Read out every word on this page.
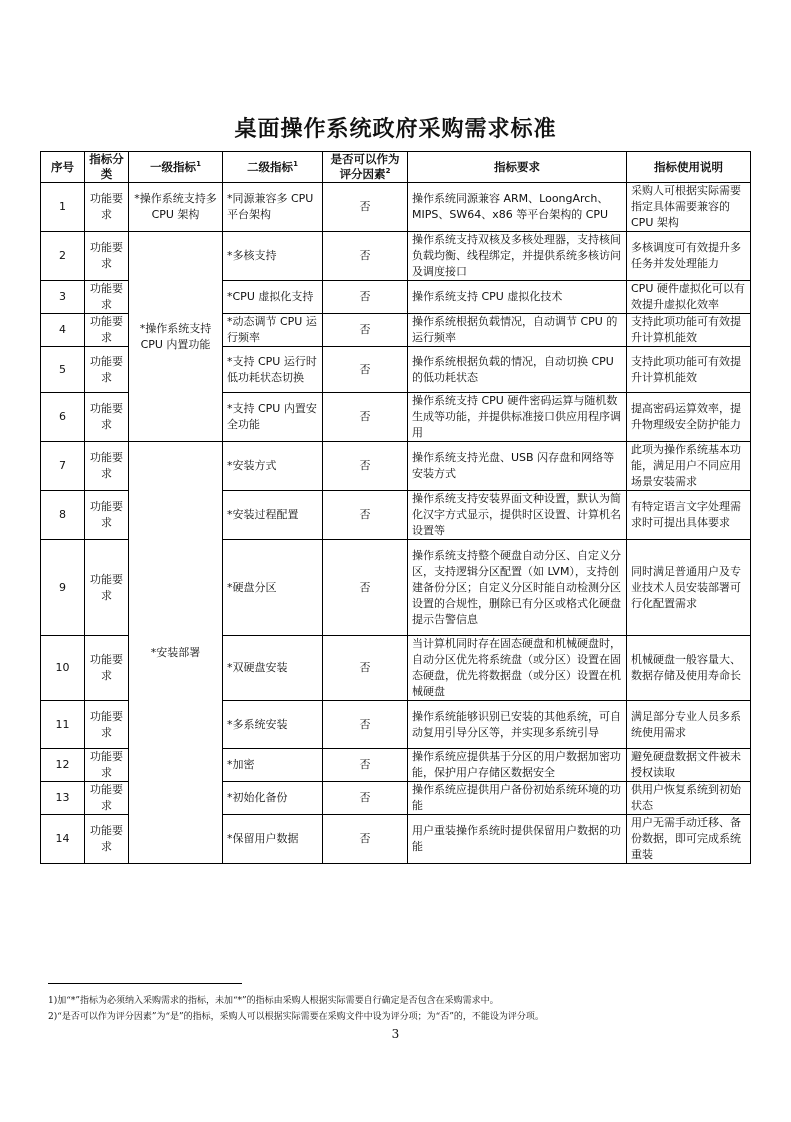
桌面操作系统政府采购需求标准
序号	指标分类	一级指标$^1$	二级指标$^1$	是否可以作为评分因素$^2$	指标要求	指标使用说明
1	功能要求	*操作系统支持多 CPU 架构	*同源兼容多 CPU 平台架构	否	操作系统同源兼容 ARM、LoongArch、MIPS、SW64、x86 等平台架构的 CPU	采购人可根据实际需要指定具体需要兼容的 CPU 架构
2	功能要求	*操作系统支持 CPU 内置功能	*多核支持	否	操作系统支持双核及多核处理器，支持核间负载均衡、线程绑定，并提供系统多核访问及调度接口	多核调度可有效提升多任务并发处理能力
3	功能要求		*CPU 虚拟化支持	否	操作系统支持 CPU 虚拟化技术	CPU 硬件虚拟化可以有效提升虚拟化效率
4	功能要求		*动态调节 CPU 运行频率	否	操作系统根据负载情况，自动调节 CPU 的运行频率	支持此项功能可有效提升计算机能效
5	功能要求		*支持 CPU 运行时低功耗状态切换	否	操作系统根据负载的情况，自动切换 CPU 的低功耗状态	支持此项功能可有效提升计算机能效
6	功能要求		*支持 CPU 内置安全功能	否	操作系统支持 CPU 硬件密码运算与随机数生成等功能，并提供标准接口供应用程序调用	提高密码运算效率，提升物理级安全防护能力
7	功能要求	*安装部署	*安装方式	否	操作系统支持光盘、USB 闪存盘和网络等安装方式	此项为操作系统基本功能，满足用户不同应用场景安装需求
8	功能要求		*安装过程配置	否	操作系统支持安装界面文种设置，默认为简化汉字方式显示，提供时区设置、计算机名设置等	有特定语言文字处理需求时可提出具体要求
9	功能要求		*硬盘分区	否	操作系统支持整个硬盘自动分区、自定义分区，支持逻辑分区配置（如 LVM），支持创建备份分区；自定义分区时能自动检测分区设置的合规性，删除已有分区或格式化硬盘提示告警信息	同时满足普通用户及专业技术人员安装部署可行化配置需求
10	功能要求		*双硬盘安装	否	当计算机同时存在固态硬盘和机械硬盘时，自动分区优先将系统盘（或分区）设置在固态硬盘，优先将数据盘（或分区）设置在机械硬盘	机械硬盘一般容量大、数据存储及使用寿命长
11	功能要求		*多系统安装	否	操作系统能够识别已安装的其他系统，可自动复用引导分区等，并实现多系统引导	满足部分专业人员多系统使用需求
12	功能要求		*加密	否	操作系统应提供基于分区的用户数据加密功能，保护用户存储区数据安全	避免硬盘数据文件被未授权读取
13	功能要求		*初始化备份	否	操作系统应提供用户备份初始系统环境的功能	供用户恢复系统到初始状态
14	功能要求		*保留用户数据	否	用户重装操作系统时提供保留用户数据的功能	用户无需手动迁移、备份数据，即可完成系统重装
1)加“*”指标为必须纳入采购需求的指标，未加“*”的指标由采购人根据实际需要自行确定是否包含在采购需求中。
2)“是否可以作为评分因素”为“是”的指标，采购人可以根据实际需要在采购文件中设为评分项；为“否”的，不能设为评分项。
3
